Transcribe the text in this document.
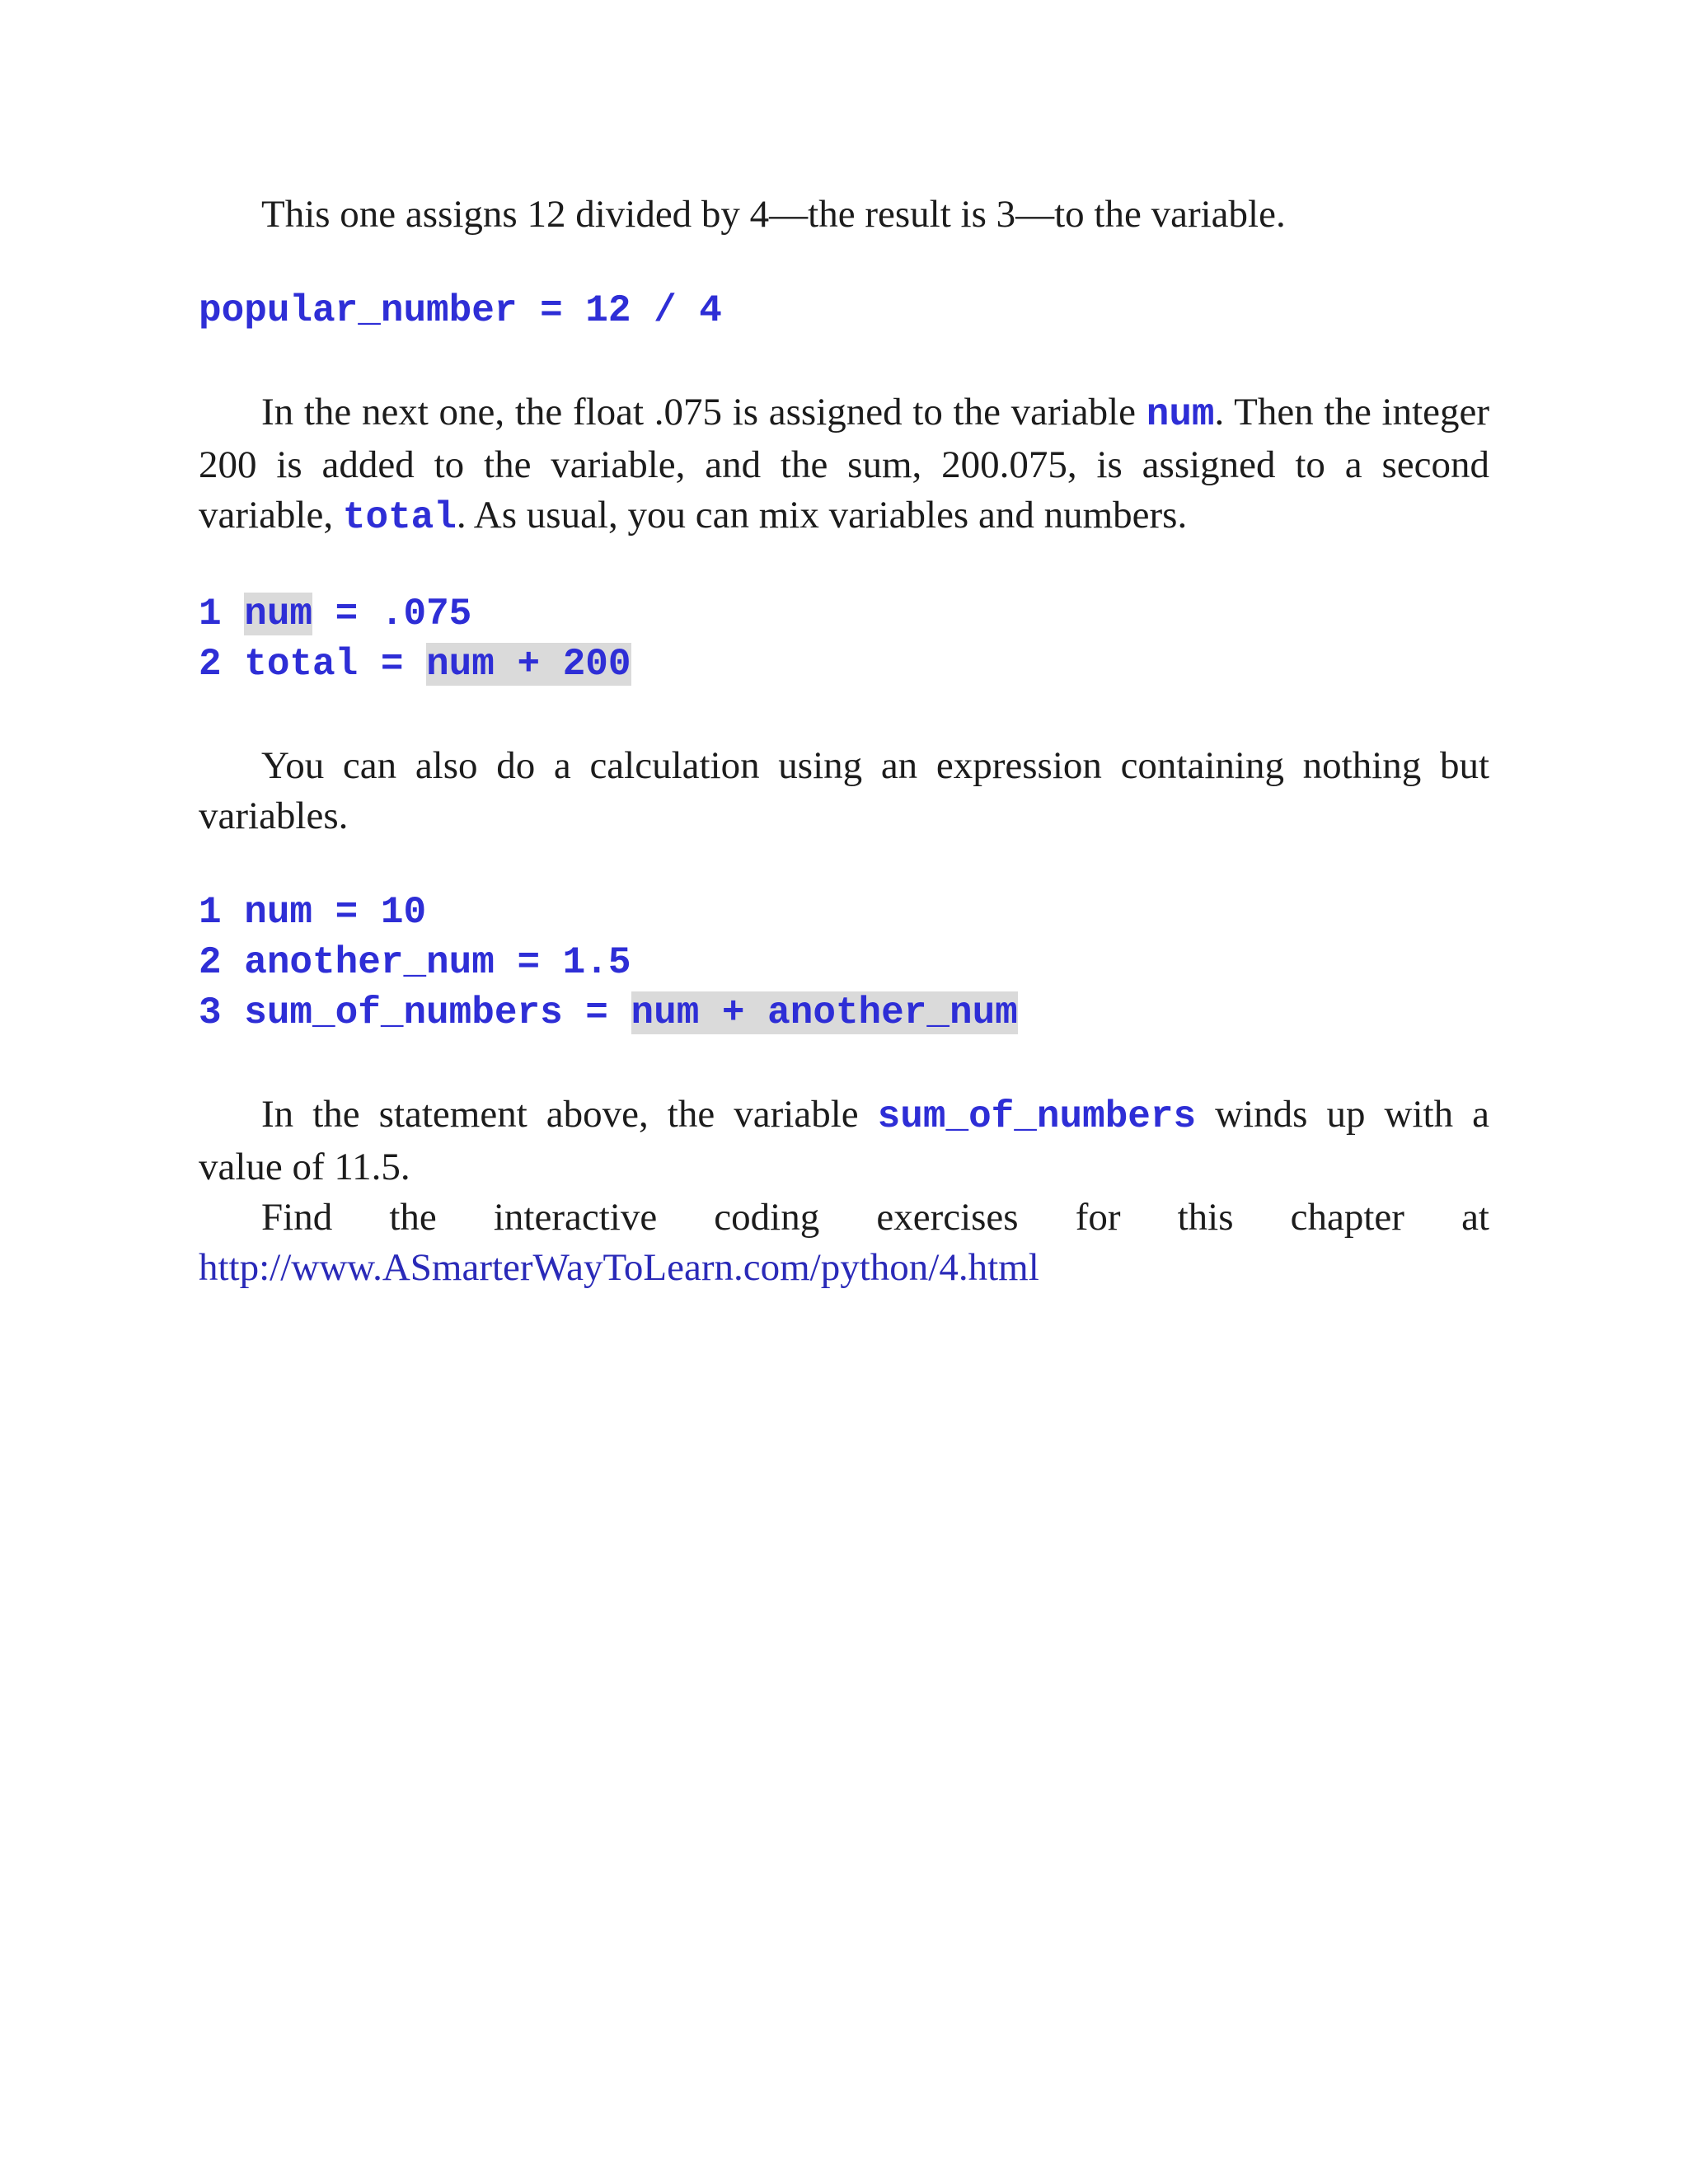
This one assigns 12 divided by 4—the result is 3—to the variable.

popular_number = 12 / 4

In the next one, the float .075 is assigned to the variable num. Then the integer 200 is added to the variable, and the sum, 200.075, is assigned to a second variable, total. As usual, you can mix variables and numbers.

1 num = .075
2 total = num + 200

You can also do a calculation using an expression containing nothing but variables.

1 num = 10
2 another_num = 1.5
3 sum_of_numbers = num + another_num

In the statement above, the variable sum_of_numbers winds up with a value of 11.5.

Find the interactive coding exercises for this chapter at

http://www.ASmarterWayToLearn.com/python/4.html
